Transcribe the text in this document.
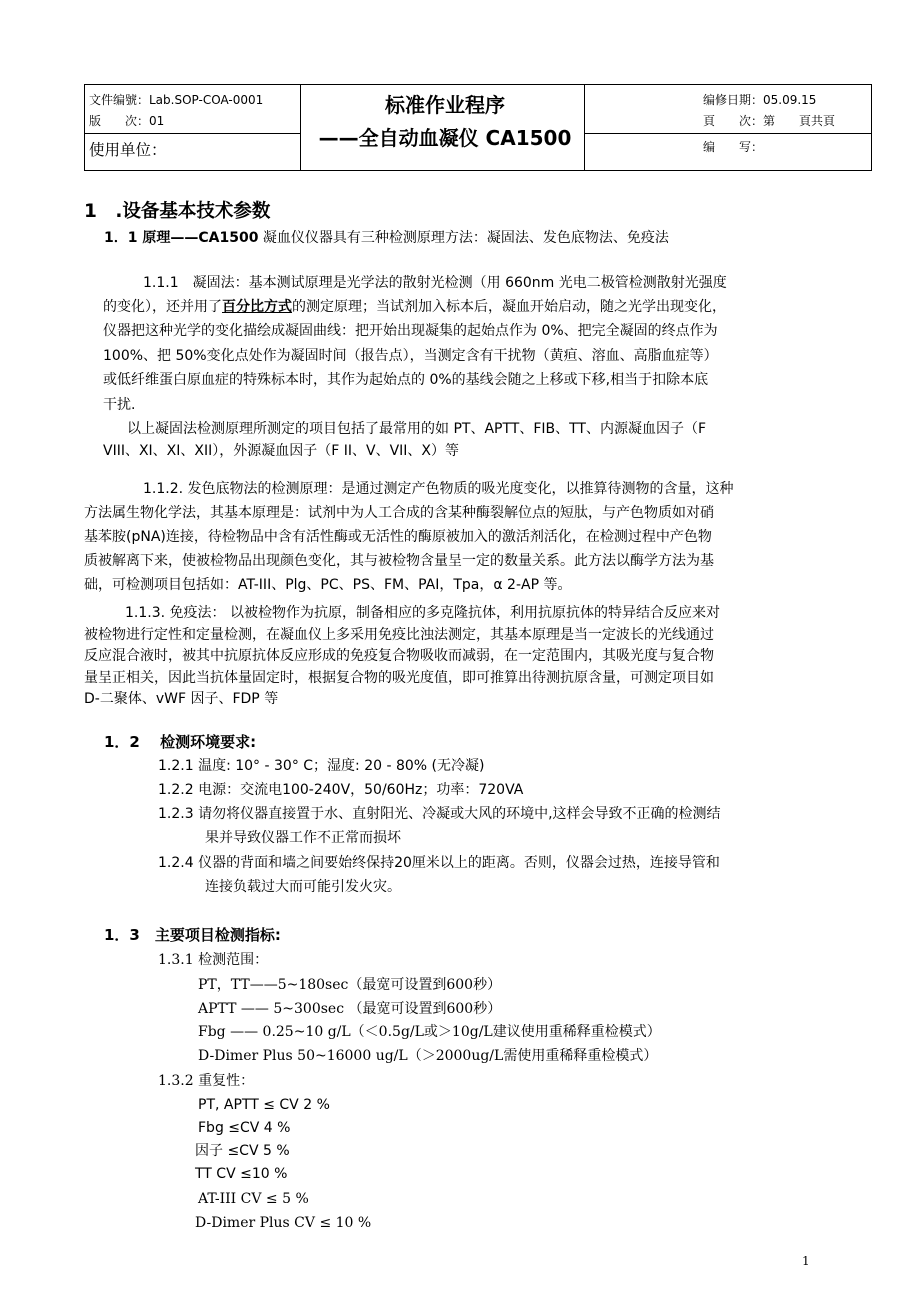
文件编號：Lab.SOP-COA-0001
版　　次：01
使用单位：
标准作业程序
——全自动血凝仪 CA1500
编修日期：05.09.15
頁　　次：第　　頁共頁
编　　写：
1　.设备基本技术参数
1．1 原理——CA1500 凝血仪仪器具有三种检测原理方法：凝固法、发色底物法、免疫法
1.1.1　凝固法：基本测试原理是光学法的散射光检测（用 660nm 光电二极管检测散射光强度
的变化），还并用了百分比方式的测定原理；当试剂加入标本后，凝血开始启动，随之光学出现变化，
仪器把这种光学的变化描绘成凝固曲线：把开始出现凝集的起始点作为 0%、把完全凝固的终点作为
100%、把 50%变化点处作为凝固时间（报告点），当测定含有干扰物（黄疸、溶血、高脂血症等）
或低纤维蛋白原血症的特殊标本时，其作为起始点的 0%的基线会随之上移或下移,相当于扣除本底
干扰.
以上凝固法检测原理所测定的项目包括了最常用的如 PT、APTT、FIB、TT、内源凝血因子（F
VIII、XI、XI、XII），外源凝血因子（F II、V、VII、X）等
1.1.2. 发色底物法的检测原理：是通过测定产色物质的吸光度变化，以推算待测物的含量，这种
方法属生物化学法，其基本原理是：试剂中为人工合成的含某种酶裂解位点的短肽，与产色物质如对硝
基苯胺(pNA)连接，待检物品中含有活性酶或无活性的酶原被加入的激活剂活化，在检测过程中产色物
质被解离下来，使被检物品出现颜色变化，其与被检物含量呈一定的数量关系。此方法以酶学方法为基
础，可检测项目包括如：AT-III、Plg、PC、PS、FM、PAI，Tpa，α 2-AP 等。
1.1.3. 免疫法： 以被检物作为抗原，制备相应的多克隆抗体，利用抗原抗体的特异结合反应来对
被检物进行定性和定量检测，在凝血仪上多采用免疫比浊法测定，其基本原理是当一定波长的光线通过
反应混合液时，被其中抗原抗体反应形成的免疫复合物吸收而减弱，在一定范围内，其吸光度与复合物
量呈正相关，因此当抗体量固定时，根据复合物的吸光度值，即可推算出待测抗原含量，可测定项目如
D-二聚体、vWF 因子、FDP 等
1．2　 检测环境要求:
1.2.1 温度: 10° - 30° C；湿度: 20 - 80% (无冷凝)
1.2.2 电源：交流电100-240V，50/60Hz；功率：720VA
1.2.3 请勿将仪器直接置于水、直射阳光、冷凝或大风的环境中,这样会导致不正确的检测结
果并导致仪器工作不正常而损坏
1.2.4 仪器的背面和墙之间要始终保持20厘米以上的距离。否则，仪器会过热，连接导管和
连接负载过大而可能引发火灾。
1．3　主要项目检测指标:
1.3.1 检测范围：
PT，TT——5~180sec（最宽可设置到600秒）
APTT —— 5~300sec （最宽可设置到600秒）
Fbg —— 0.25~10 g/L（＜0.5g/L或＞10g/L建议使用重稀释重检模式）
D-Dimer Plus 50~16000 ug/L（＞2000ug/L需使用重稀释重检模式）
1.3.2 重复性：
PT, APTT ≤ CV 2 %
Fbg ≤CV 4 %
因子 ≤CV 5 %
TT CV ≤10 %
AT-III CV ≤ 5 %
D-Dimer Plus CV ≤ 10 %
1
